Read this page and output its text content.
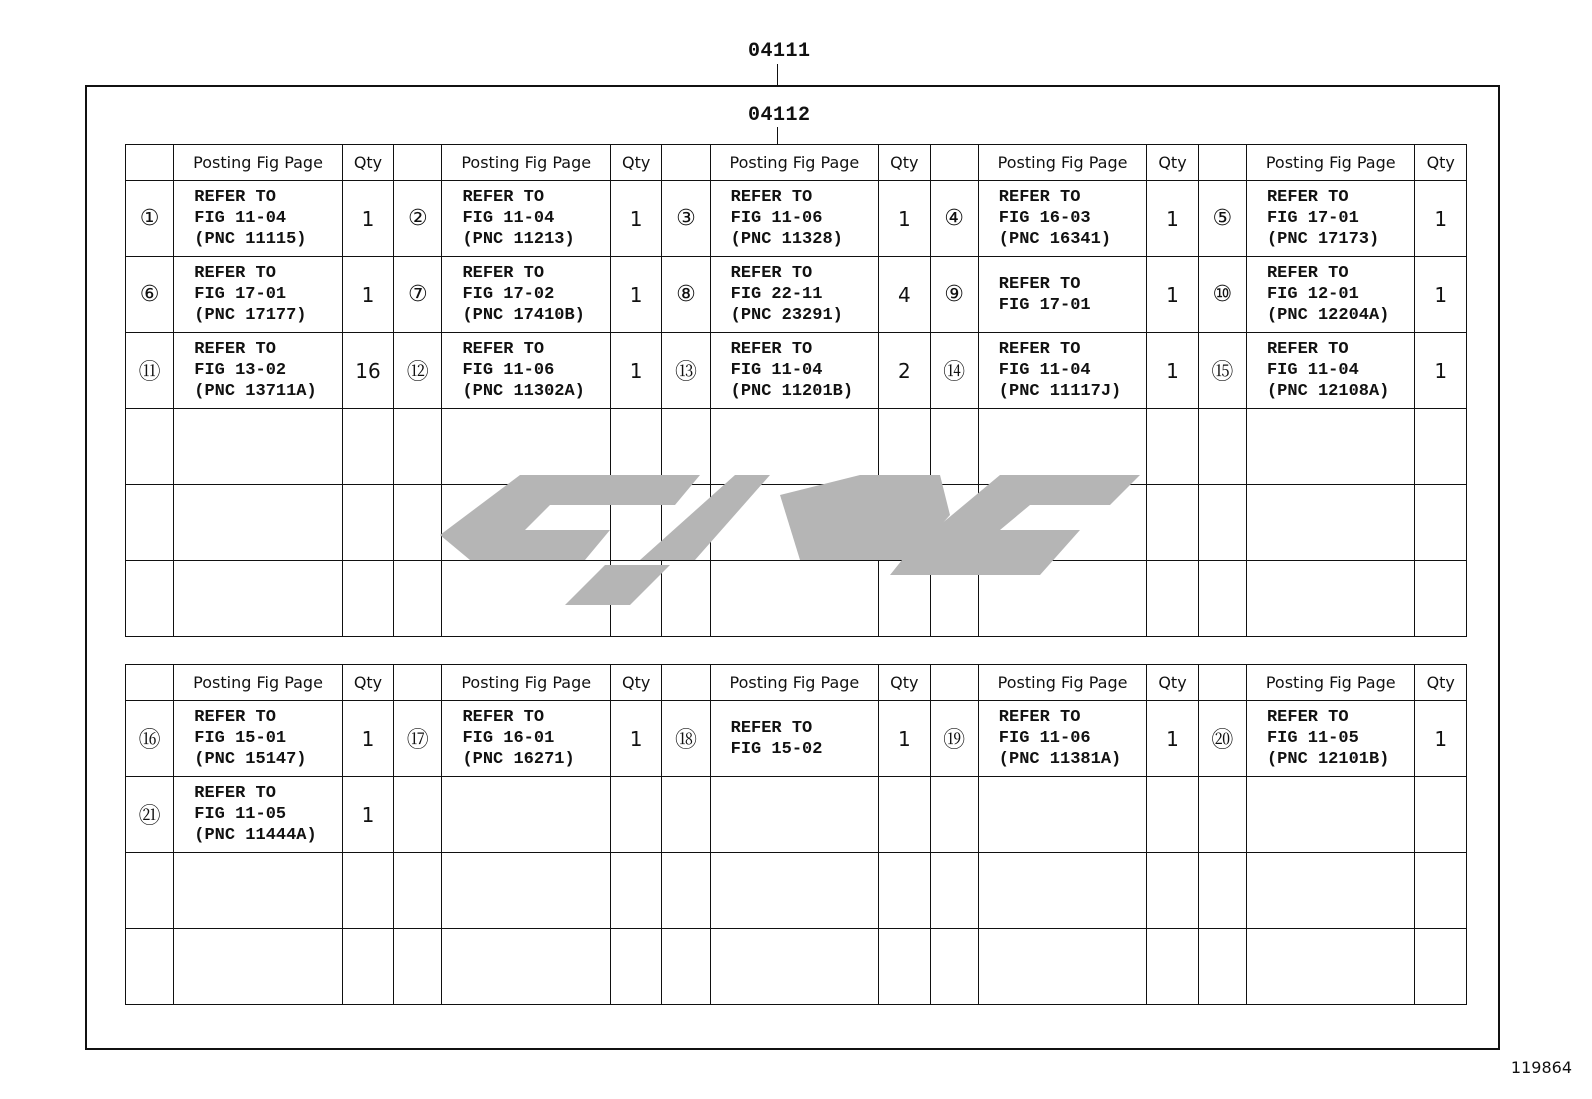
04111
04112
	Posting Fig Page	Qty		Posting Fig Page	Qty		Posting Fig Page	Qty		Posting Fig Page	Qty		Posting Fig Page	Qty
①	REFER TO
FIG 11-04
(PNC 11115)	1	②	REFER TO
FIG 11-04
(PNC 11213)	1	③	REFER TO
FIG 11-06
(PNC 11328)	1	④	REFER TO
FIG 16-03
(PNC 16341)	1	⑤	REFER TO
FIG 17-01
(PNC 17173)	1
⑥	REFER TO
FIG 17-01
(PNC 17177)	1	⑦	REFER TO
FIG 17-02
(PNC 17410B)	1	⑧	REFER TO
FIG 22-11
(PNC 23291)	4	⑨	REFER TO
FIG 17-01	1	⑩	REFER TO
FIG 12-01
(PNC 12204A)	1
⑪	REFER TO
FIG 13-02
(PNC 13711A)	16	⑫	REFER TO
FIG 11-06
(PNC 11302A)	1	⑬	REFER TO
FIG 11-04
(PNC 11201B)	2	⑭	REFER TO
FIG 11-04
(PNC 11117J)	1	⑮	REFER TO
FIG 11-04
(PNC 12108A)	1

	Posting Fig Page	Qty		Posting Fig Page	Qty		Posting Fig Page	Qty		Posting Fig Page	Qty		Posting Fig Page	Qty
⑯	REFER TO
FIG 15-01
(PNC 15147)	1	⑰	REFER TO
FIG 16-01
(PNC 16271)	1	⑱	REFER TO
FIG 15-02	1	⑲	REFER TO
FIG 11-06
(PNC 11381A)	1	⑳	REFER TO
FIG 11-05
(PNC 12101B)	1
㉑	REFER TO
FIG 11-05
(PNC 11444A)	1												

119864
